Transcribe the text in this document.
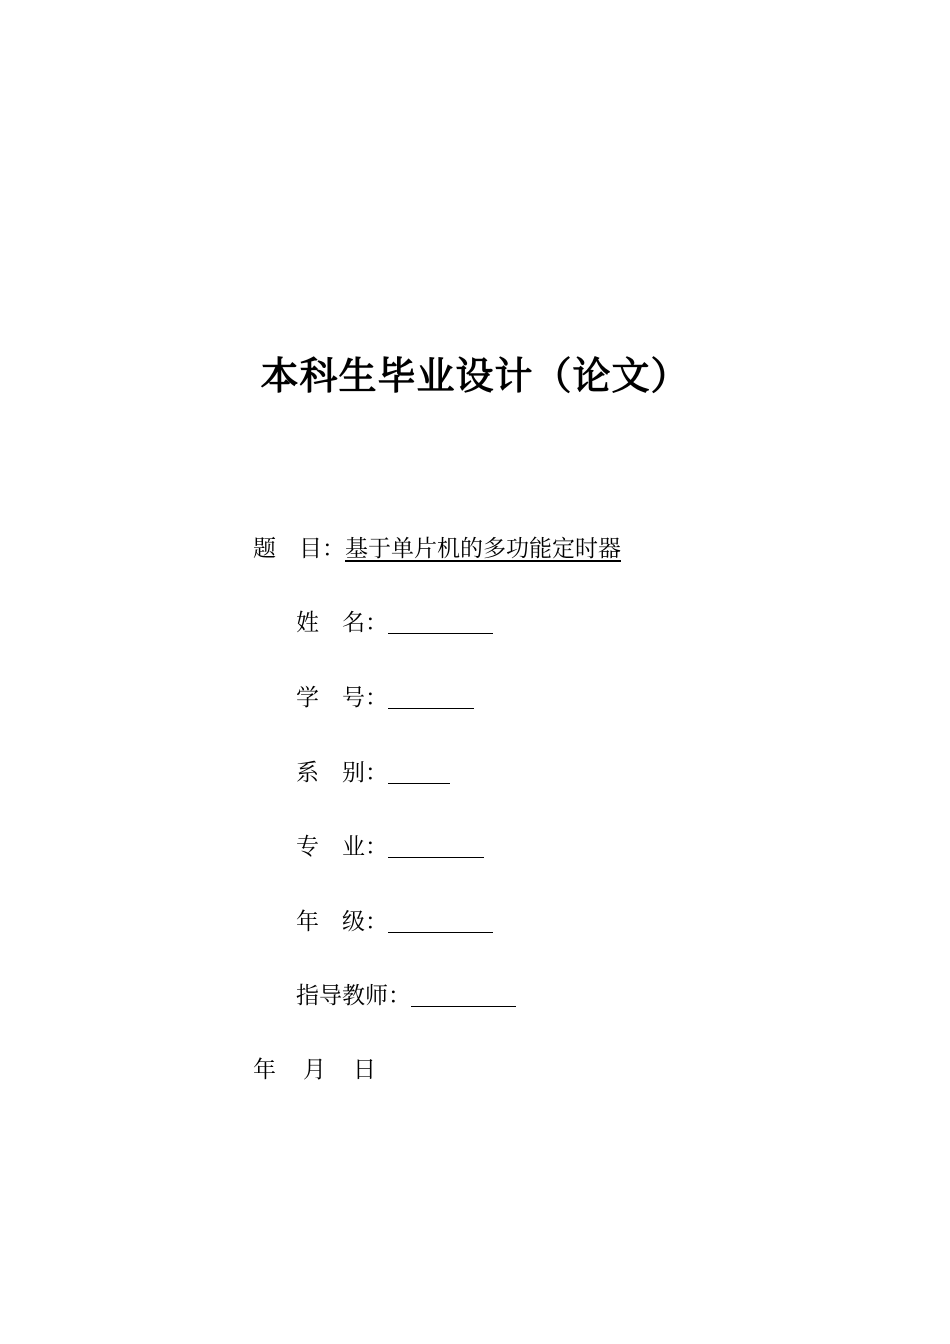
本科生毕业设计（论文）
题　目：基于单片机的多功能定时器
姓　名：
学　号：
系　别：
专　业：
年　级：
指导教师：
年 月 日
